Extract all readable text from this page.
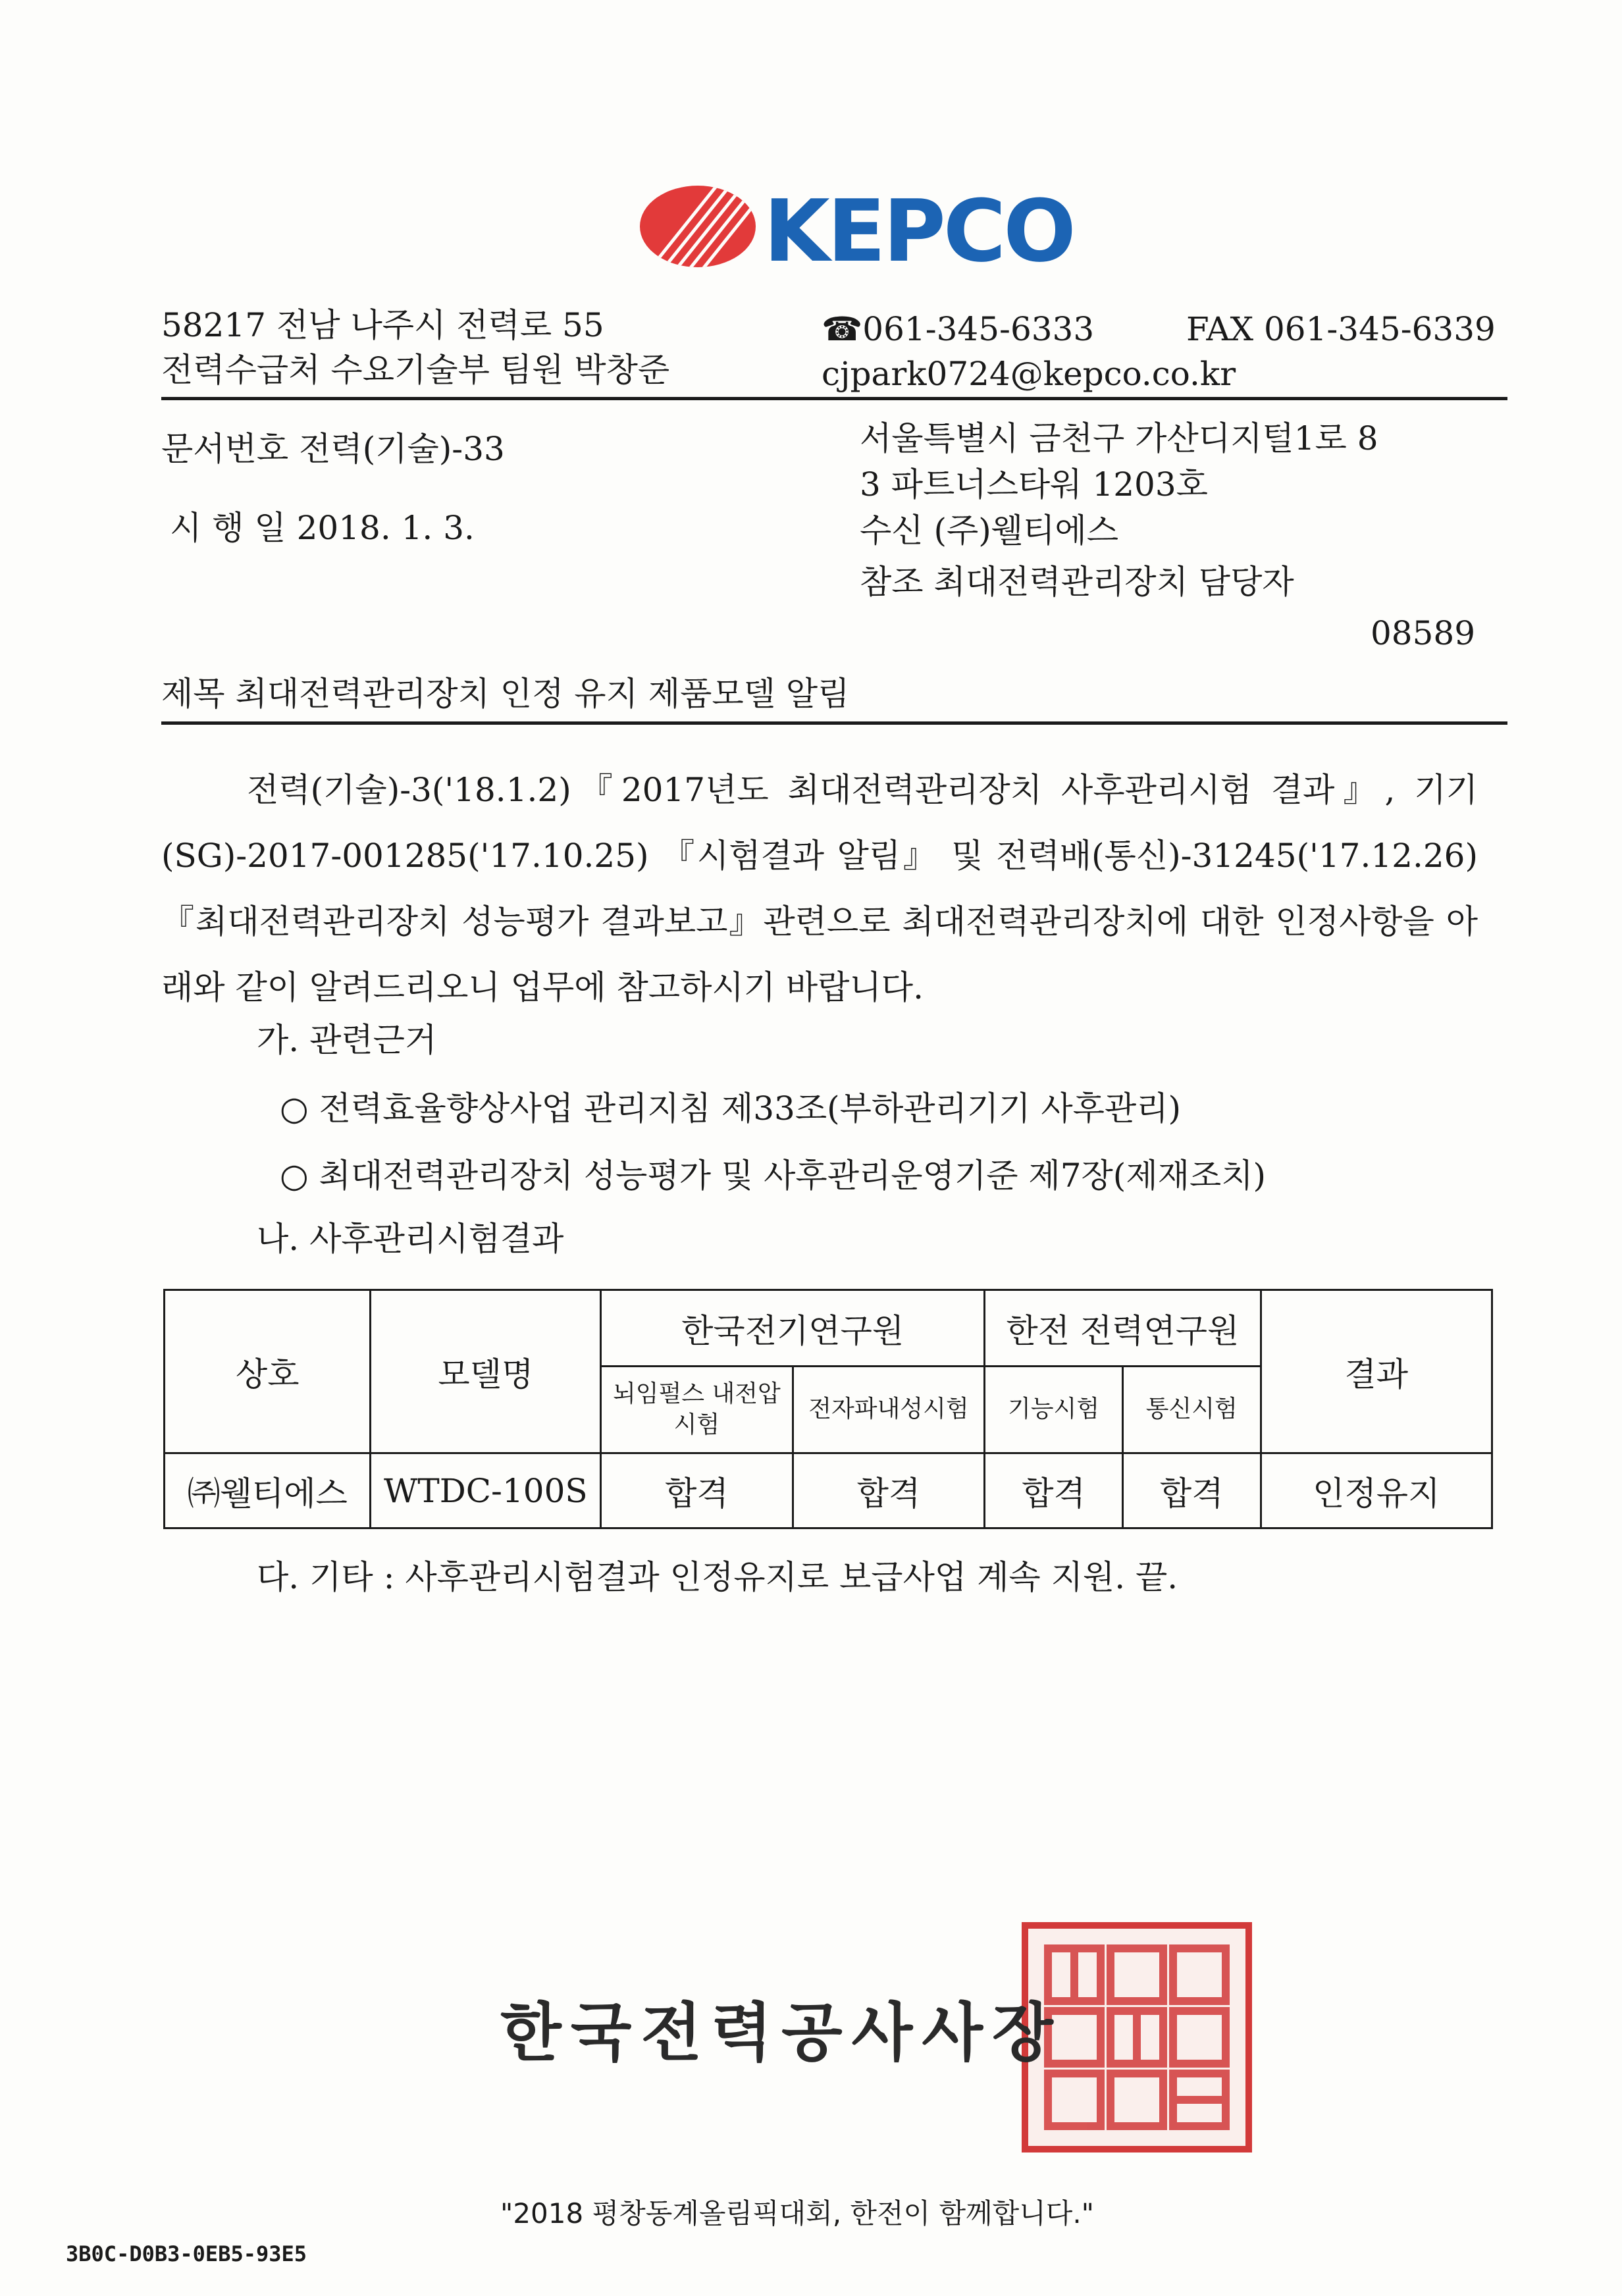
KEPCO
58217 전남 나주시 전력로 55
전력수급처 수요기술부 팀원 박창준
☎061-345-6333	FAX 061-345-6339
cjpark0724@kepco.co.kr
문서번호 전력(기술)-33
시 행 일 2018. 1. 3.
서울특별시 금천구 가산디지털1로 8
3 파트너스타워 1203호
수신 (주)웰티에스
참조 최대전력관리장치 담당자
08589
제목 최대전력관리장치 인정 유지 제품모델 알림
전력(기술)-3('18.1.2)『2017년도 최대전력관리장치 사후관리시험 결과』, 기기(SG)-2017-001285('17.10.25) 『시험결과 알림』 및 전력배(통신)-31245('17.12.26) 『최대전력관리장치 성능평가 결과보고』관련으로 최대전력관리장치에 대한 인정사항을 아래와 같이 알려드리오니 업무에 참고하시기 바랍니다.
가. 관련근거
○ 전력효율향상사업 관리지침 제33조(부하관리기기 사후관리)
○ 최대전력관리장치 성능평가 및 사후관리운영기준 제7장(제재조치)
나. 사후관리시험결과
상호	모델명	한국전기연구원		한전 전력연구원		결과
		뇌임펄스 내전압시험	전자파내성시험	기능시험	통신시험	
㈜웰티에스	WTDC-100S	합격	합격	합격	합격	인정유지
다. 기타 : 사후관리시험결과 인정유지로 보급사업 계속 지원. 끝.
한국전력공사사장
"2018 평창동계올림픽대회, 한전이 함께합니다."
3B0C-D0B3-0EB5-93E5
